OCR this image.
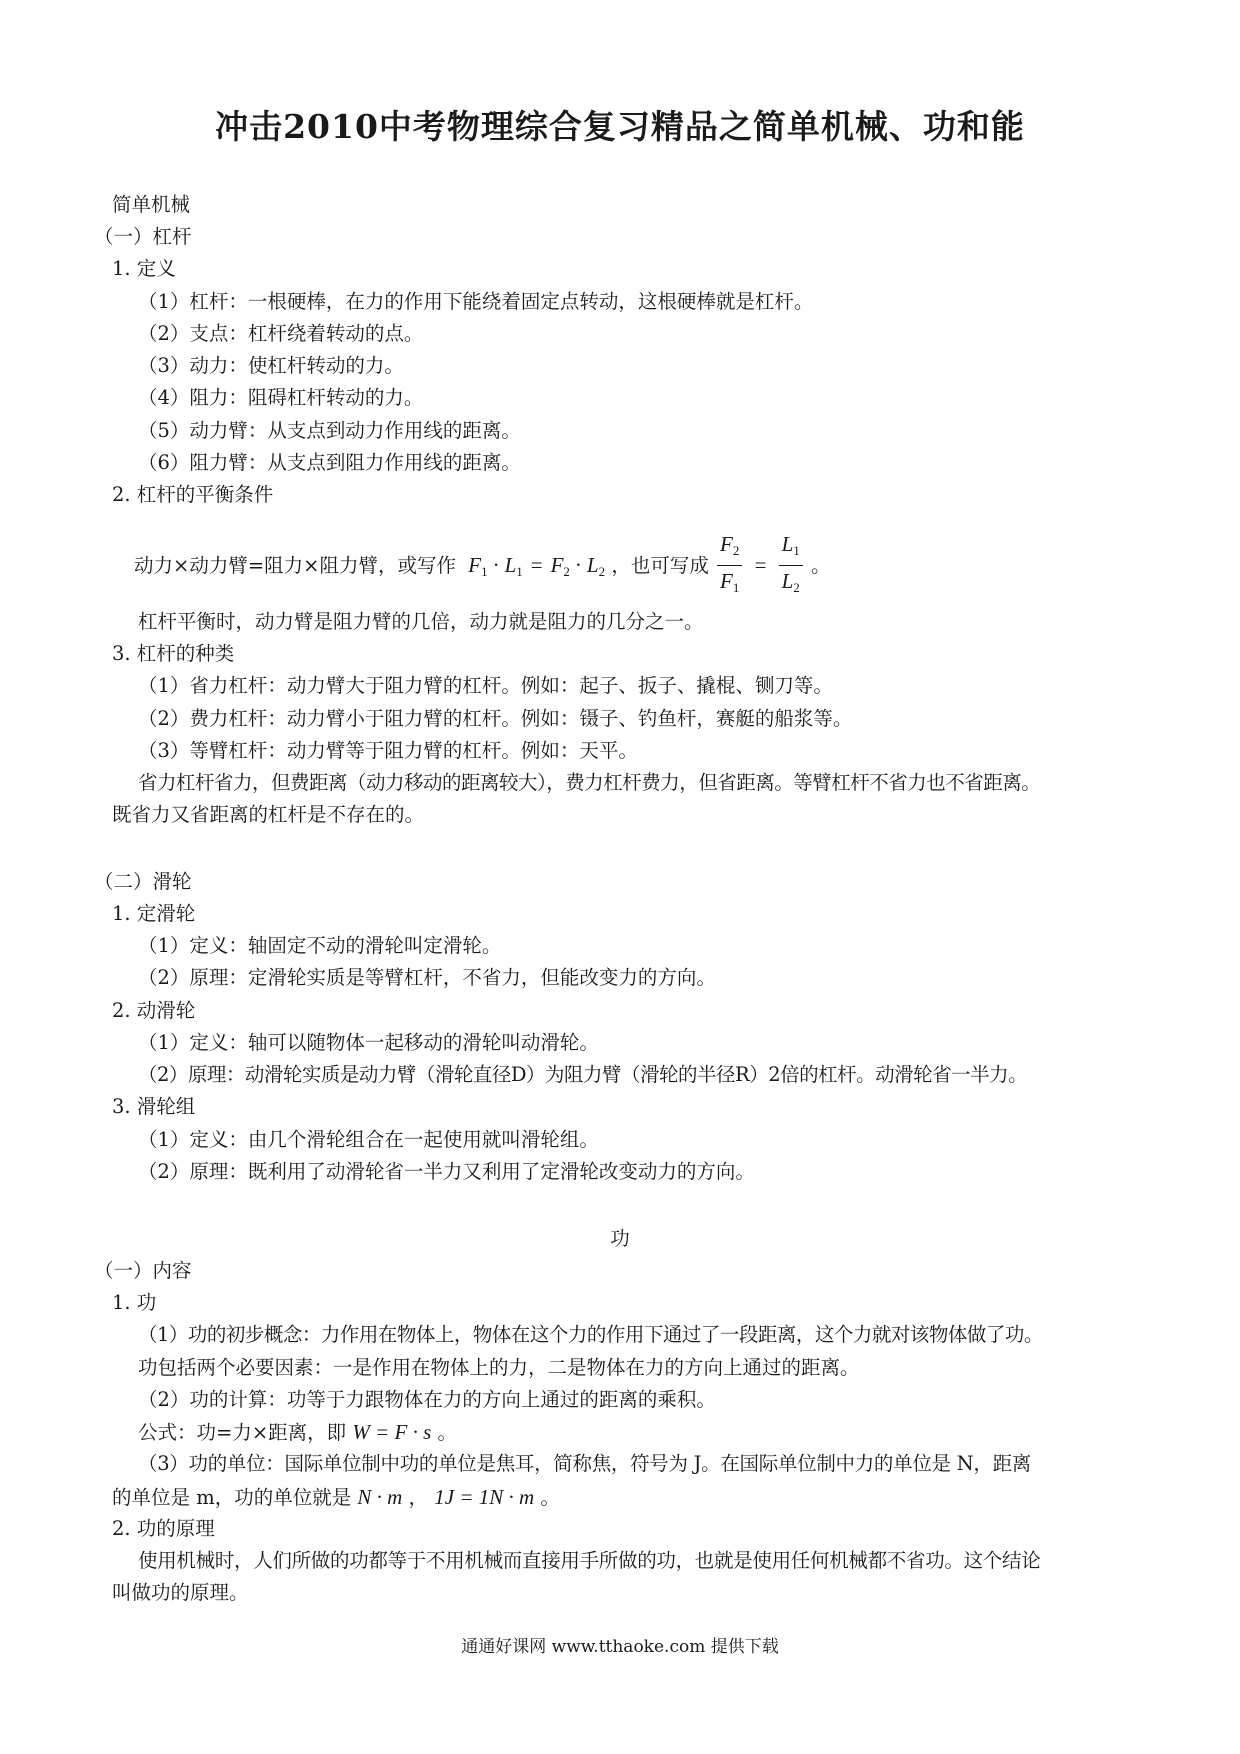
冲击2010中考物理综合复习精品之简单机械、功和能
简单机械
（一）杠杆
1. 定义
（1）杠杆：一根硬棒，在力的作用下能绕着固定点转动，这根硬棒就是杠杆。
（2）支点：杠杆绕着转动的点。
（3）动力：使杠杆转动的力。
（4）阻力：阻碍杠杆转动的力。
（5）动力臂：从支点到动力作用线的距离。
（6）阻力臂：从支点到阻力作用线的距离。
2. 杠杆的平衡条件
动力×动力臂=阻力×阻力臂，或写作 $F_1 \cdot L_1 = F_2 \cdot L_2$ ，也可写成 $\frac{F_2}{F_1} = \frac{L_1}{L_2}$ 。
杠杆平衡时，动力臂是阻力臂的几倍，动力就是阻力的几分之一。
3. 杠杆的种类
（1）省力杠杆：动力臂大于阻力臂的杠杆。例如：起子、扳子、撬棍、铡刀等。
（2）费力杠杆：动力臂小于阻力臂的杠杆。例如：镊子、钓鱼杆，赛艇的船浆等。
（3）等臂杠杆：动力臂等于阻力臂的杠杆。例如：天平。
省力杠杆省力，但费距离（动力移动的距离较大），费力杠杆费力，但省距离。等臂杠杆不省力也不省距离。
既省力又省距离的杠杆是不存在的。
（二）滑轮
1. 定滑轮
（1）定义：轴固定不动的滑轮叫定滑轮。
（2）原理：定滑轮实质是等臂杠杆，不省力，但能改变力的方向。
2. 动滑轮
（1）定义：轴可以随物体一起移动的滑轮叫动滑轮。
（2）原理：动滑轮实质是动力臂（滑轮直径D）为阻力臂（滑轮的半径R）2倍的杠杆。动滑轮省一半力。
3. 滑轮组
（1）定义：由几个滑轮组合在一起使用就叫滑轮组。
（2）原理：既利用了动滑轮省一半力又利用了定滑轮改变动力的方向。
功
（一）内容
1. 功
（1）功的初步概念：力作用在物体上，物体在这个力的作用下通过了一段距离，这个力就对该物体做了功。
功包括两个必要因素：一是作用在物体上的力，二是物体在力的方向上通过的距离。
（2）功的计算：功等于力跟物体在力的方向上通过的距离的乘积。
公式：功=力×距离，即 W = F · s 。
（3）功的单位：国际单位制中功的单位是焦耳，简称焦，符号为 J。在国际单位制中力的单位是 N，距离
的单位是 m，功的单位就是 N · m ， 1J = 1N · m 。
2. 功的原理
使用机械时，人们所做的功都等于不用机械而直接用手所做的功，也就是使用任何机械都不省功。这个结论
叫做功的原理。
通通好课网 www.tthaoke.com 提供下载
